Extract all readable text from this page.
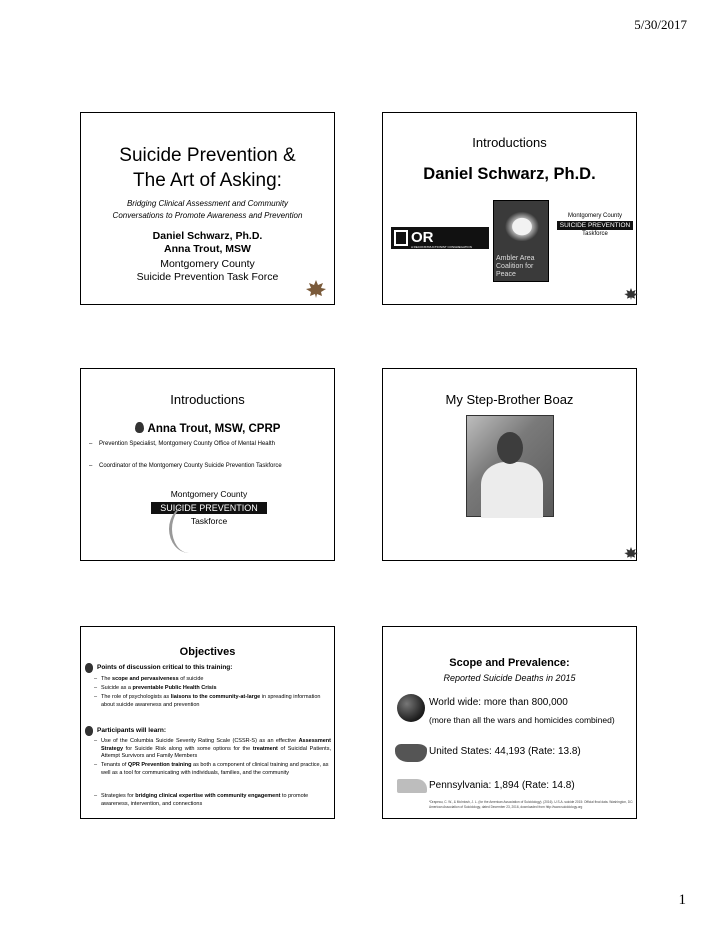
5/30/2017
Suicide Prevention &
The Art of Asking:
Bridging Clinical Assessment and Community
Conversations to Promote Awareness and Prevention
Daniel Schwarz, Ph.D.
Anna Trout, MSW
Montgomery County
Suicide Prevention Task Force
Introductions
Daniel Schwarz, Ph.D.
OR HADASH
A RECONSTRUCTIONIST CONGREGATION
Ambler Area
Coalition for
Peace
Montgomery County
SUICIDE PREVENTION
Taskforce
Introductions
Anna Trout, MSW, CPRP
– Prevention Specialist, Montgomery County Office of Mental Health
– Coordinator of the Montgomery County Suicide Prevention Taskforce
Montgomery County
SUICIDE PREVENTION
Taskforce
My Step-Brother Boaz
Objectives
Points of discussion critical to this training:
– The scope and pervasiveness of suicide
– Suicide as a preventable Public Health Crisis
– The role of psychologists as liaisons to the community-at-large in spreading information about suicide awareness and prevention
Participants will learn:
– Use of the Columbia Suicide Severity Rating Scale (CSSR-S) as an effective Assessment Strategy for Suicide Risk along with some options for the treatment of Suicidal Patients, Attempt Survivors and Family Members
– Tenants of QPR Prevention training as both a component of clinical training and practice, as well as a tool for communicating with individuals, families, and the community
– Strategies for bridging clinical expertise with community engagement to promote awareness, intervention, and connections
Scope and Prevalence:
Reported Suicide Deaths in 2015
World wide: more than 800,000
(more than all the wars and homicides combined)
United States: 44,193 (Rate: 13.8)
Pennsylvania: 1,894 (Rate: 14.8)
*Drapeau, C. W., & McIntosh, J. L. (for the American Association of Suicidology). (2016). U.S.A. suicide 2015: Official final data. Washington, DC: American Association of Suicidology, dated December 23, 2016, downloaded from http://www.suicidology.org
1
